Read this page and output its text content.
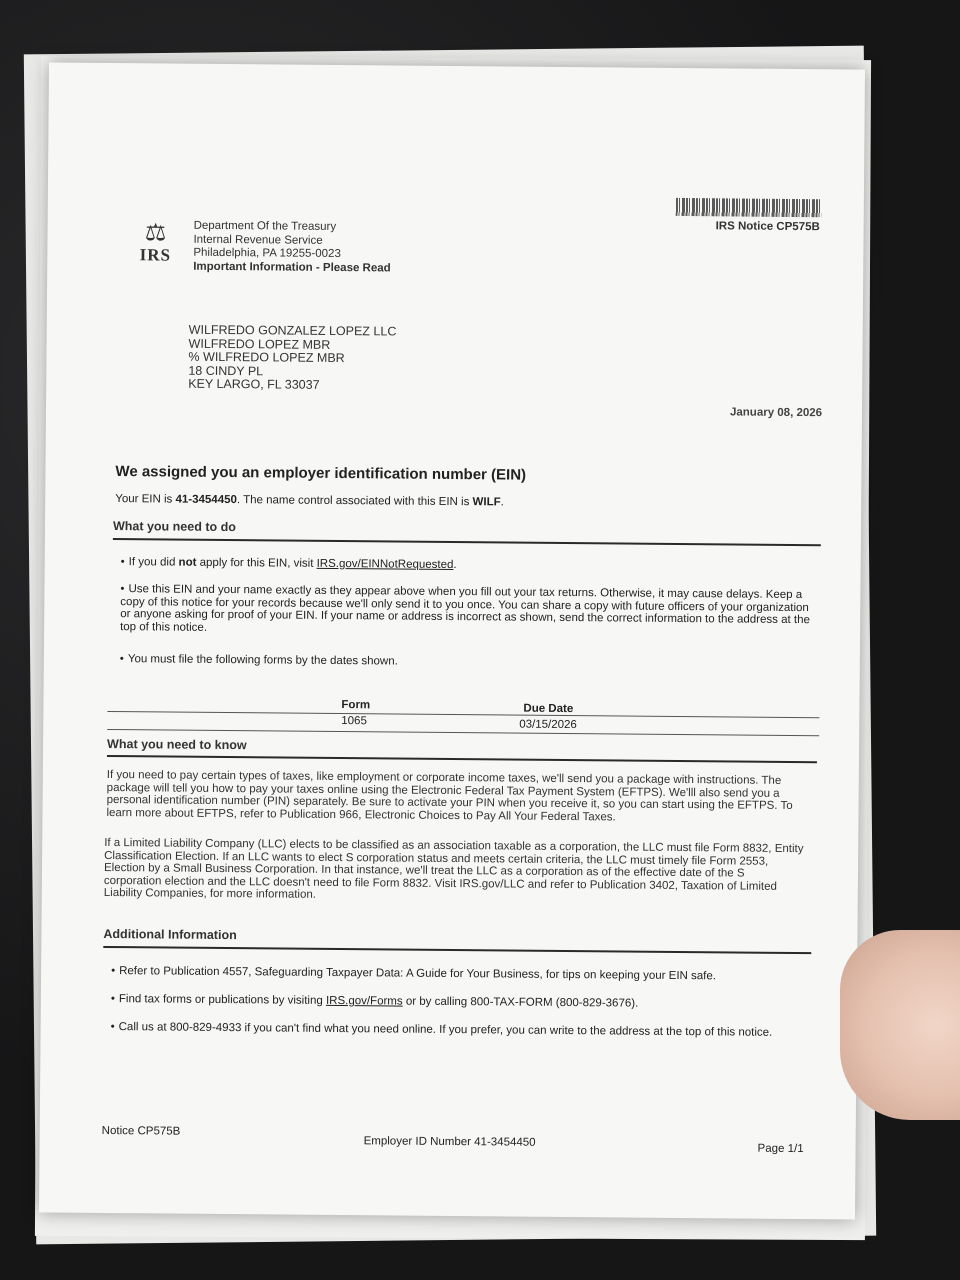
IRS Notice CP575B
⚖
IRS
Department Of the Treasury
Internal Revenue Service
Philadelphia, PA 19255-0023
Important Information - Please Read
WILFREDO GONZALEZ LOPEZ LLC
WILFREDO LOPEZ MBR
% WILFREDO LOPEZ MBR
18 CINDY PL
KEY LARGO, FL 33037
January 08, 2026
We assigned you an employer identification number (EIN)
Your EIN is 41-3454450. The name control associated with this EIN is WILF.
What you need to do
• If you did not apply for this EIN, visit IRS.gov/EINNotRequested.
• Use this EIN and your name exactly as they appear above when you fill out your tax returns. Otherwise, it may cause delays. Keep a copy of this notice for your records because we'll only send it to you once. You can share a copy with future officers of your organization or anyone asking for proof of your EIN. If your name or address is incorrect as shown, send the correct information to the address at the top of this notice.
• You must file the following forms by the dates shown.
Form	Due Date
1065	03/15/2026
What you need to know
If you need to pay certain types of taxes, like employment or corporate income taxes, we'll send you a package with instructions. The package will tell you how to pay your taxes online using the Electronic Federal Tax Payment System (EFTPS). We'lll also send you a personal identification number (PIN) separately. Be sure to activate your PIN when you receive it, so you can start using the EFTPS. To learn more about EFTPS, refer to Publication 966, Electronic Choices to Pay All Your Federal Taxes.
If a Limited Liability Company (LLC) elects to be classified as an association taxable as a corporation, the LLC must file Form 8832, Entity Classification Election. If an LLC wants to elect S corporation status and meets certain criteria, the LLC must timely file Form 2553, Election by a Small Business Corporation. In that instance, we'll treat the LLC as a corporation as of the effective date of the S corporation election and the LLC doesn't need to file Form 8832. Visit IRS.gov/LLC and refer to Publication 3402, Taxation of Limited Liability Companies, for more information.
Additional Information
• Refer to Publication 4557, Safeguarding Taxpayer Data: A Guide for Your Business, for tips on keeping your EIN safe.
• Find tax forms or publications by visiting IRS.gov/Forms or by calling 800-TAX-FORM (800-829-3676).
• Call us at 800-829-4933 if you can't find what you need online. If you prefer, you can write to the address at the top of this notice.
Notice CP575B
Employer ID Number 41-3454450
Page 1/1
